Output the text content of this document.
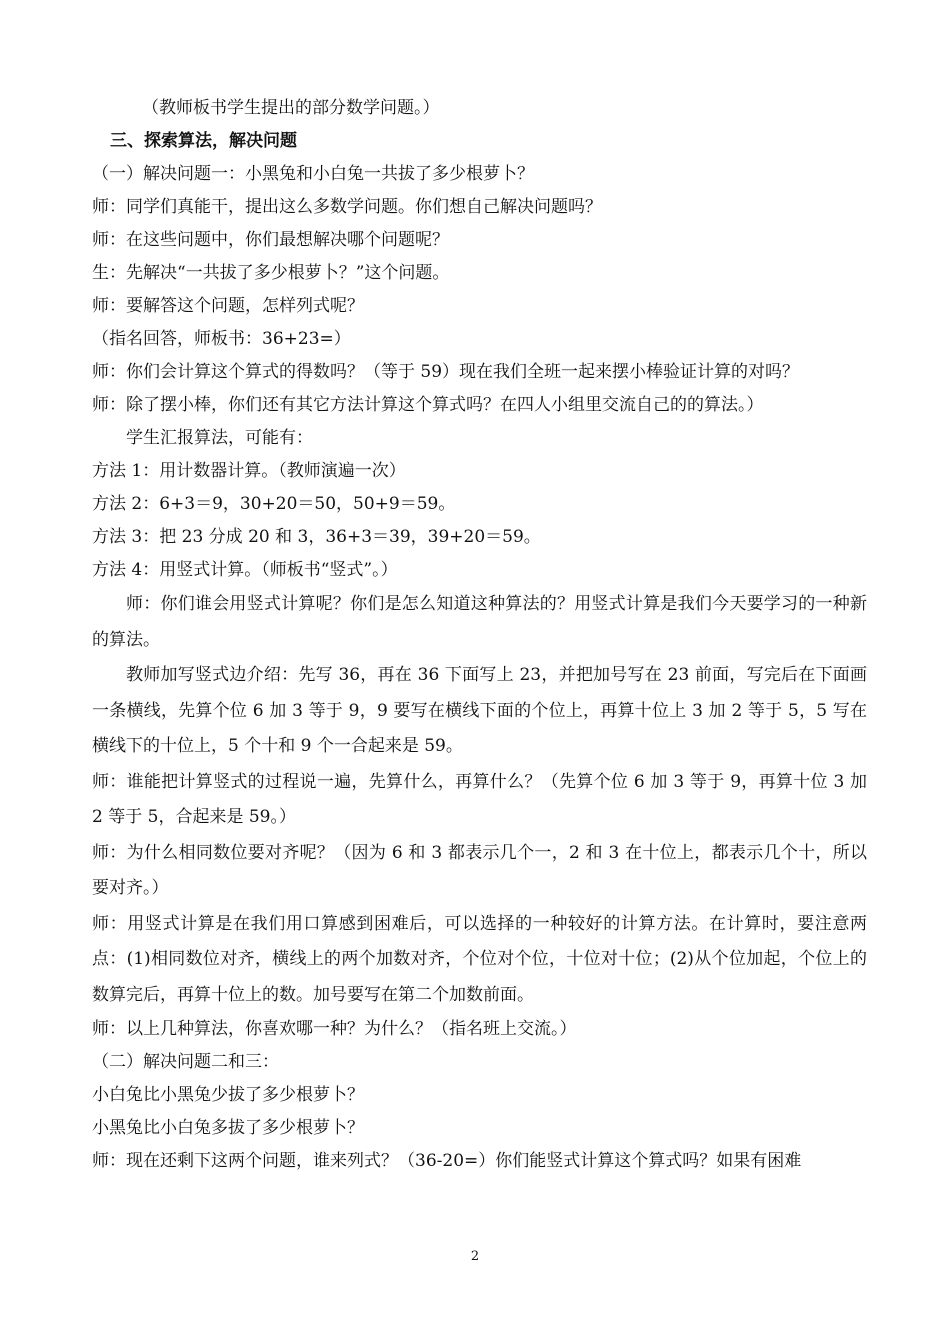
（教师板书学生提出的部分数学问题。）

三、探索算法，解决问题

（一）解决问题一：小黑兔和小白兔一共拔了多少根萝卜？

师：同学们真能干，提出这么多数学问题。你们想自己解决问题吗？

师：在这些问题中，你们最想解决哪个问题呢？

生：先解决“一共拔了多少根萝卜？”这个问题。

师：要解答这个问题，怎样列式呢？

（指名回答，师板书：36+23=）

师：你们会计算这个算式的得数吗？（等于 59）现在我们全班一起来摆小棒验证计算的对吗？

师：除了摆小棒，你们还有其它方法计算这个算式吗？在四人小组里交流自己的的算法。）

学生汇报算法，可能有：

方法 1：用计数器计算。（教师演遍一次）

方法 2：6+3＝9，30+20＝50，50+9＝59。

方法 3：把 23 分成 20 和 3，36+3＝39，39+20＝59。

方法 4：用竖式计算。（师板书“竖式”。）

师：你们谁会用竖式计算呢？你们是怎么知道这种算法的？用竖式计算是我们今天要学习的一种新的算法。

教师加写竖式边介绍：先写 36，再在 36 下面写上 23，并把加号写在 23 前面，写完后在下面画一条横线，先算个位 6 加 3 等于 9，9 要写在横线下面的个位上，再算十位上 3 加 2 等于 5，5 写在横线下的十位上，5 个十和 9 个一合起来是 59。

师：谁能把计算竖式的过程说一遍，先算什么，再算什么？（先算个位 6 加 3 等于 9，再算十位 3 加 2 等于 5，合起来是 59。）

师：为什么相同数位要对齐呢？（因为 6 和 3 都表示几个一，2 和 3 在十位上，都表示几个十，所以要对齐。）

师：用竖式计算是在我们用口算感到困难后，可以选择的一种较好的计算方法。在计算时，要注意两点：(1)相同数位对齐，横线上的两个加数对齐，个位对个位，十位对十位；(2)从个位加起，个位上的数算完后，再算十位上的数。加号要写在第二个加数前面。

师：以上几种算法，你喜欢哪一种？为什么？（指名班上交流。）

（二）解决问题二和三：

小白兔比小黑兔少拔了多少根萝卜？

小黑兔比小白兔多拔了多少根萝卜？

师：现在还剩下这两个问题，谁来列式？（36-20=）你们能竖式计算这个算式吗？如果有困难

2
